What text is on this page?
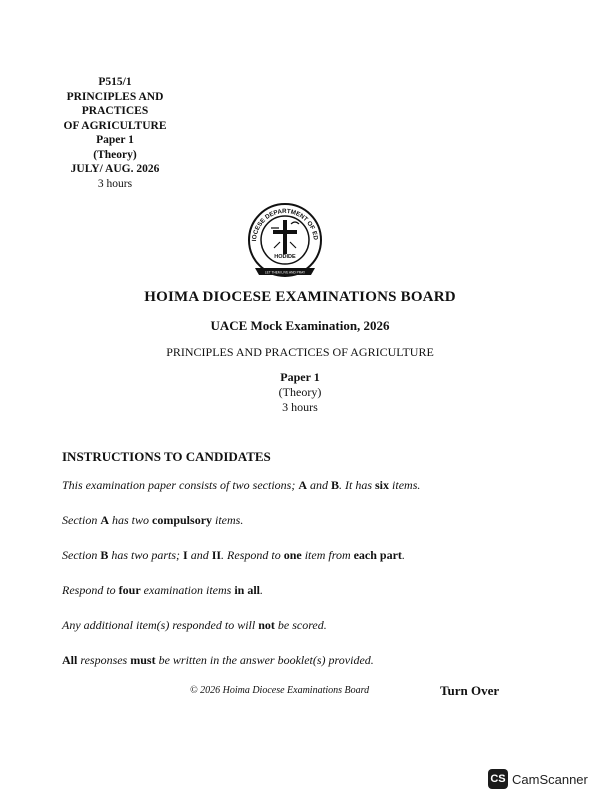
P515/1
PRINCIPLES AND
PRACTICES
OF AGRICULTURE
Paper 1
(Theory)
JULY/ AUG. 2026
3 hours
IOCESE DEPARTMENT OF ED
HODIDE
LET THEM LIVE AND PRAY
HOIMA DIOCESE EXAMINATIONS BOARD
UACE Mock Examination, 2026
PRINCIPLES AND PRACTICES OF AGRICULTURE
Paper 1
(Theory)
3 hours
INSTRUCTIONS TO CANDIDATES
This examination paper consists of two sections; A and B. It has six items.
Section A has two compulsory items.
Section B has two parts; I and II. Respond to one item from each part.
Respond to four examination items in all.
Any additional item(s) responded to will not be scored.
All responses must be written in the answer booklet(s) provided.
© 2026 Hoima Diocese Examinations Board	Turn Over
CS CamScanner
